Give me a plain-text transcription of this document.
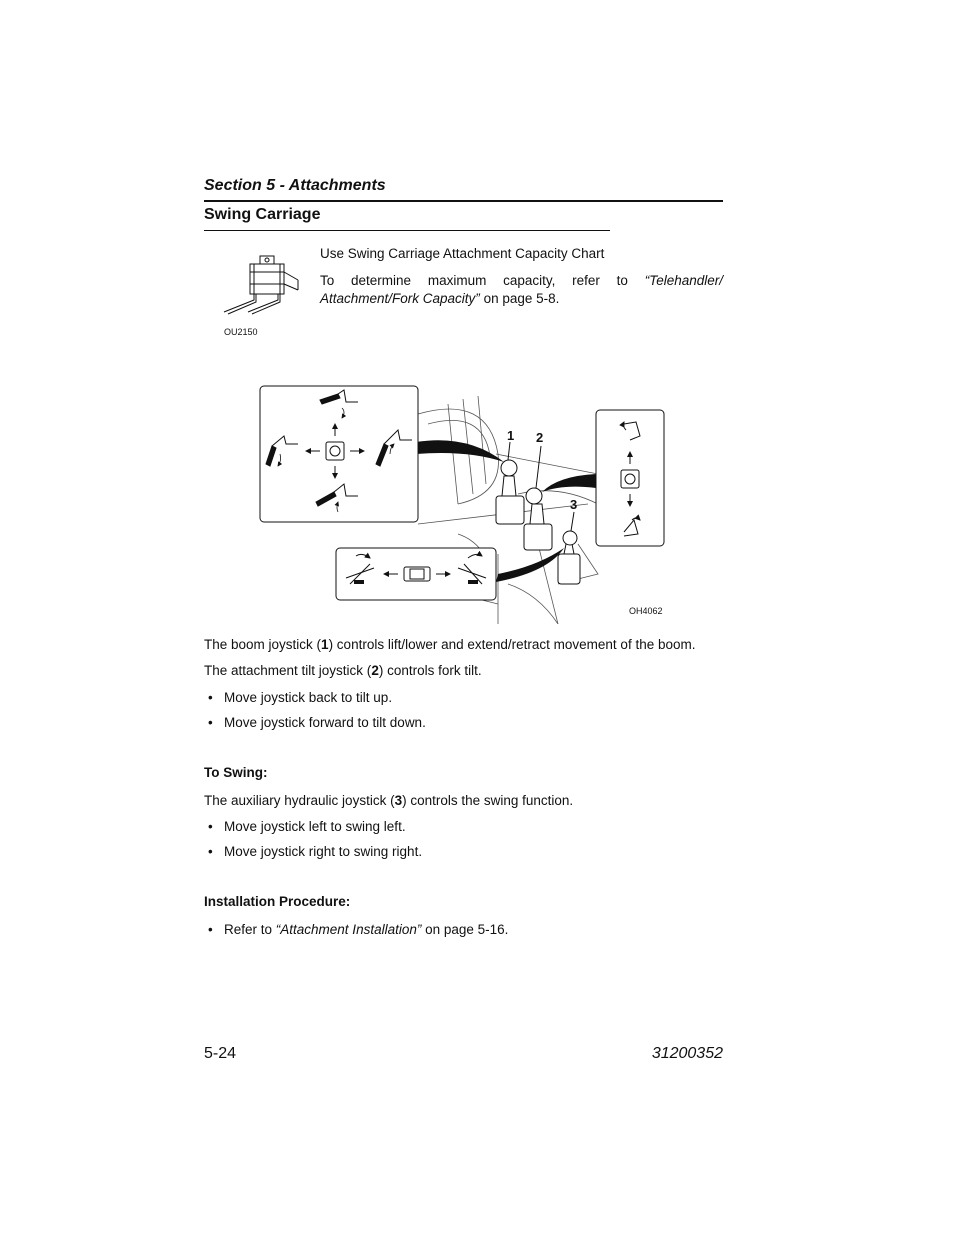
Section 5 - Attachments
Swing Carriage
OU2150
Use Swing Carriage Attachment Capacity Chart
To determine maximum capacity, refer to “Telehandler/ Attachment/Fork Capacity” on page 5-8.
1 2
3
OH4062
The boom joystick (1) controls lift/lower and extend/retract movement of the boom.
The attachment tilt joystick (2) controls fork tilt.
• Move joystick back to tilt up.
• Move joystick forward to tilt down.
To Swing:
The auxiliary hydraulic joystick (3) controls the swing function.
• Move joystick left to swing left.
• Move joystick right to swing right.
Installation Procedure:
• Refer to “Attachment Installation” on page 5-16.
5-24	31200352
